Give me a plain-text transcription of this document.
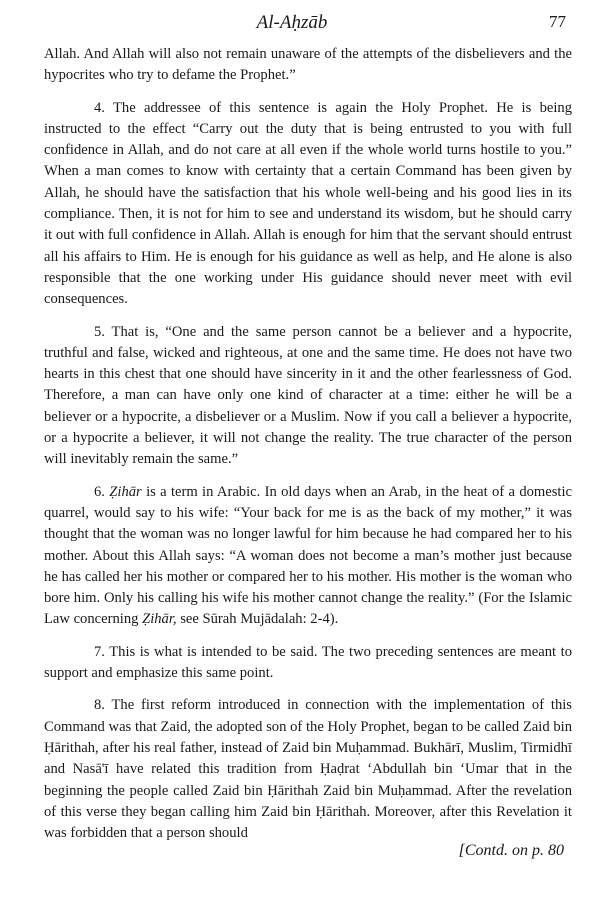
Al-Aḥzāb	77

Allah. And Allah will also not remain unaware of the attempts of the disbelievers and the hypocrites who try to defame the Prophet.”

4. The addressee of this sentence is again the Holy Prophet. He is being instructed to the effect “Carry out the duty that is being entrusted to you with full confidence in Allah, and do not care at all even if the whole world turns hostile to you.” When a man comes to know with certainty that a certain Command has been given by Allah, he should have the satisfaction that his whole well-being and his good lies in its compliance. Then, it is not for him to see and understand its wisdom, but he should carry it out with full confidence in Allah. Allah is enough for him that the servant should entrust all his affairs to Him. He is enough for his guidance as well as help, and He alone is also responsible that the one working under His guidance should never meet with evil consequences.

5. That is, “One and the same person cannot be a believer and a hypocrite, truthful and false, wicked and righteous, at one and the same time. He does not have two hearts in this chest that one should have sincerity in it and the other fearlessness of God. Therefore, a man can have only one kind of character at a time: either he will be a believer or a hypocrite, a disbeliever or a Muslim. Now if you call a believer a hypocrite, or a hypocrite a believer, it will not change the reality. The true character of the person will inevitably remain the same.”

6. Ẓihār is a term in Arabic. In old days when an Arab, in the heat of a domestic quarrel, would say to his wife: “Your back for me is as the back of my mother,” it was thought that the woman was no longer lawful for him because he had compared her to his mother. About this Allah says: “A woman does not become a man’s mother just because he has called her his mother or compared her to his mother. His mother is the woman who bore him. Only his calling his wife his mother cannot change the reality.” (For the Islamic Law concerning Ẓihār, see Sūrah Mujādalah: 2-4).

7. This is what is intended to be said. The two preceding sentences are meant to support and emphasize this same point.

8. The first reform introduced in connection with the implementation of this Command was that Zaid, the adopted son of the Holy Prophet, began to be called Zaid bin Ḥārithah, after his real father, instead of Zaid bin Muḥammad. Bukhārī, Muslim, Tirmidhī and Nasā'ī have related this tradition from Ḥaḍrat ‘Abdullah bin ‘Umar that in the beginning the people called Zaid bin Ḥārithah Zaid bin Muḥammad. After the revelation of this verse they began calling him Zaid bin Ḥārithah. Moreover, after this Revelation it was forbidden that a person should

[Contd. on p. 80
